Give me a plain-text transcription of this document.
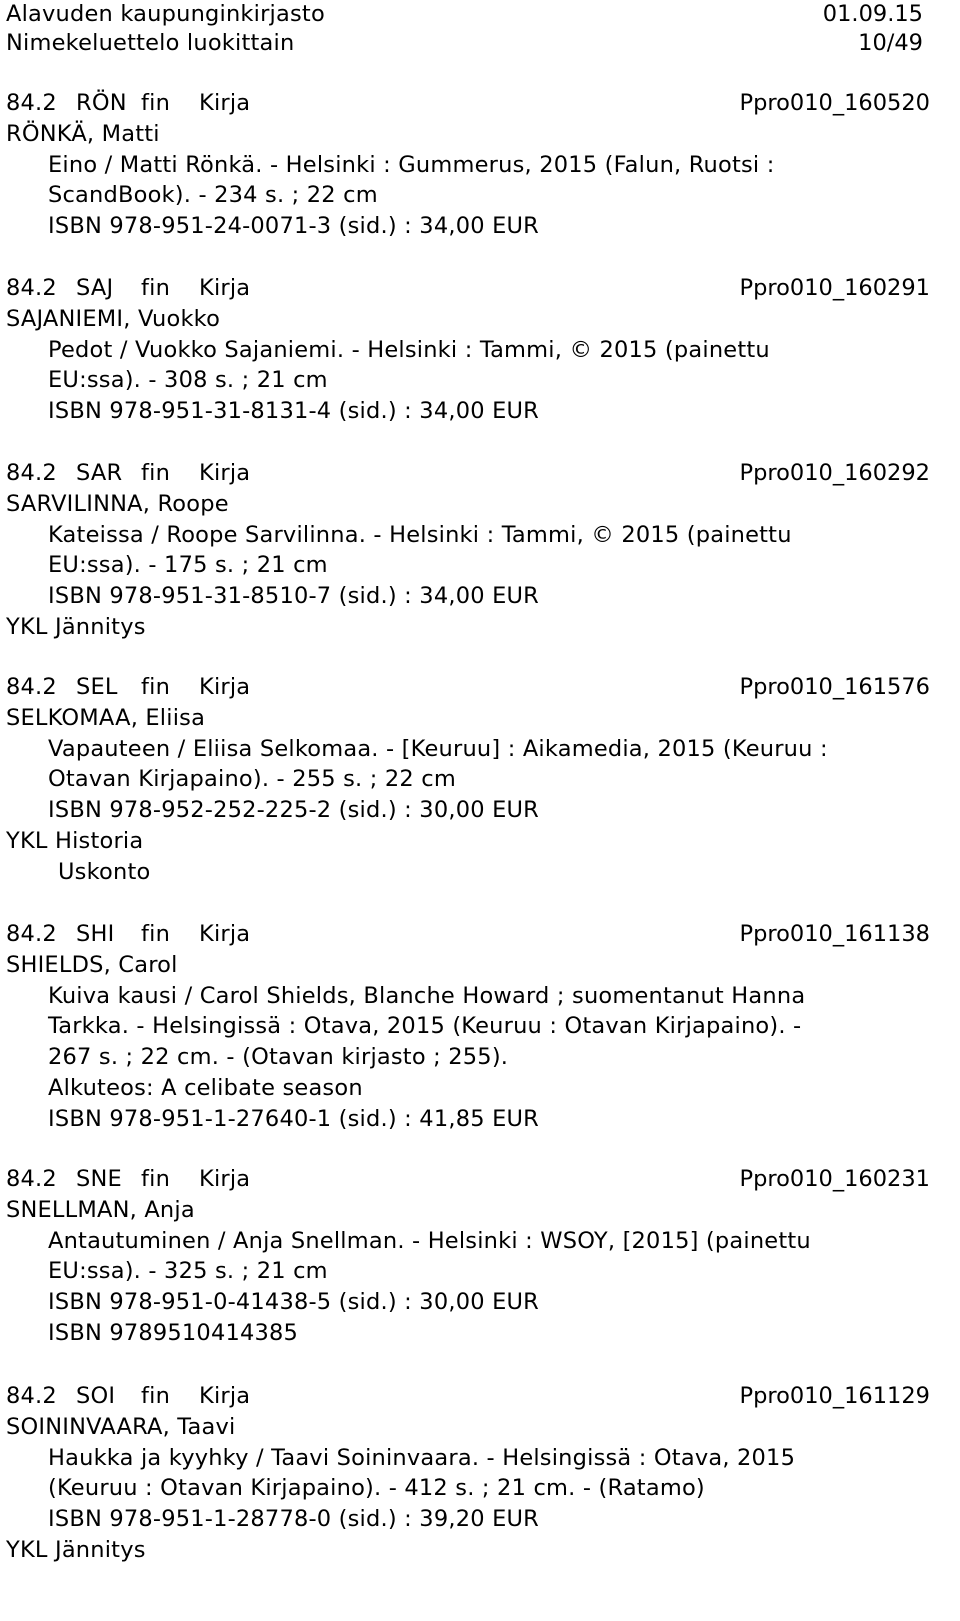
Alavuden kaupunginkirjasto	01.09.15
Nimekeluettelo luokittain	10/49
84.2 RÖN fin Kirja	Ppro010_160520
RÖNKÄ, Matti
Eino / Matti Rönkä. - Helsinki : Gummerus, 2015 (Falun, Ruotsi :
ScandBook). - 234 s. ; 22 cm
ISBN 978-951-24-0071-3 (sid.) : 34,00 EUR
84.2 SAJ fin Kirja	Ppro010_160291
SAJANIEMI, Vuokko
Pedot / Vuokko Sajaniemi. - Helsinki : Tammi, © 2015 (painettu
EU:ssa). - 308 s. ; 21 cm
ISBN 978-951-31-8131-4 (sid.) : 34,00 EUR
84.2 SAR fin Kirja	Ppro010_160292
SARVILINNA, Roope
Kateissa / Roope Sarvilinna. - Helsinki : Tammi, © 2015 (painettu
EU:ssa). - 175 s. ; 21 cm
ISBN 978-951-31-8510-7 (sid.) : 34,00 EUR
YKL Jännitys
84.2 SEL fin Kirja	Ppro010_161576
SELKOMAA, Eliisa
Vapauteen / Eliisa Selkomaa. - [Keuruu] : Aikamedia, 2015 (Keuruu :
Otavan Kirjapaino). - 255 s. ; 22 cm
ISBN 978-952-252-225-2 (sid.) : 30,00 EUR
YKL Historia
Uskonto
84.2 SHI fin Kirja	Ppro010_161138
SHIELDS, Carol
Kuiva kausi / Carol Shields, Blanche Howard ; suomentanut Hanna
Tarkka. - Helsingissä : Otava, 2015 (Keuruu : Otavan Kirjapaino). -
267 s. ; 22 cm. - (Otavan kirjasto ; 255).
Alkuteos: A celibate season
ISBN 978-951-1-27640-1 (sid.) : 41,85 EUR
84.2 SNE fin Kirja	Ppro010_160231
SNELLMAN, Anja
Antautuminen / Anja Snellman. - Helsinki : WSOY, [2015] (painettu
EU:ssa). - 325 s. ; 21 cm
ISBN 978-951-0-41438-5 (sid.) : 30,00 EUR
ISBN 9789510414385
84.2 SOI fin Kirja	Ppro010_161129
SOININVAARA, Taavi
Haukka ja kyyhky / Taavi Soininvaara. - Helsingissä : Otava, 2015
(Keuruu : Otavan Kirjapaino). - 412 s. ; 21 cm. - (Ratamo)
ISBN 978-951-1-28778-0 (sid.) : 39,20 EUR
YKL Jännitys
